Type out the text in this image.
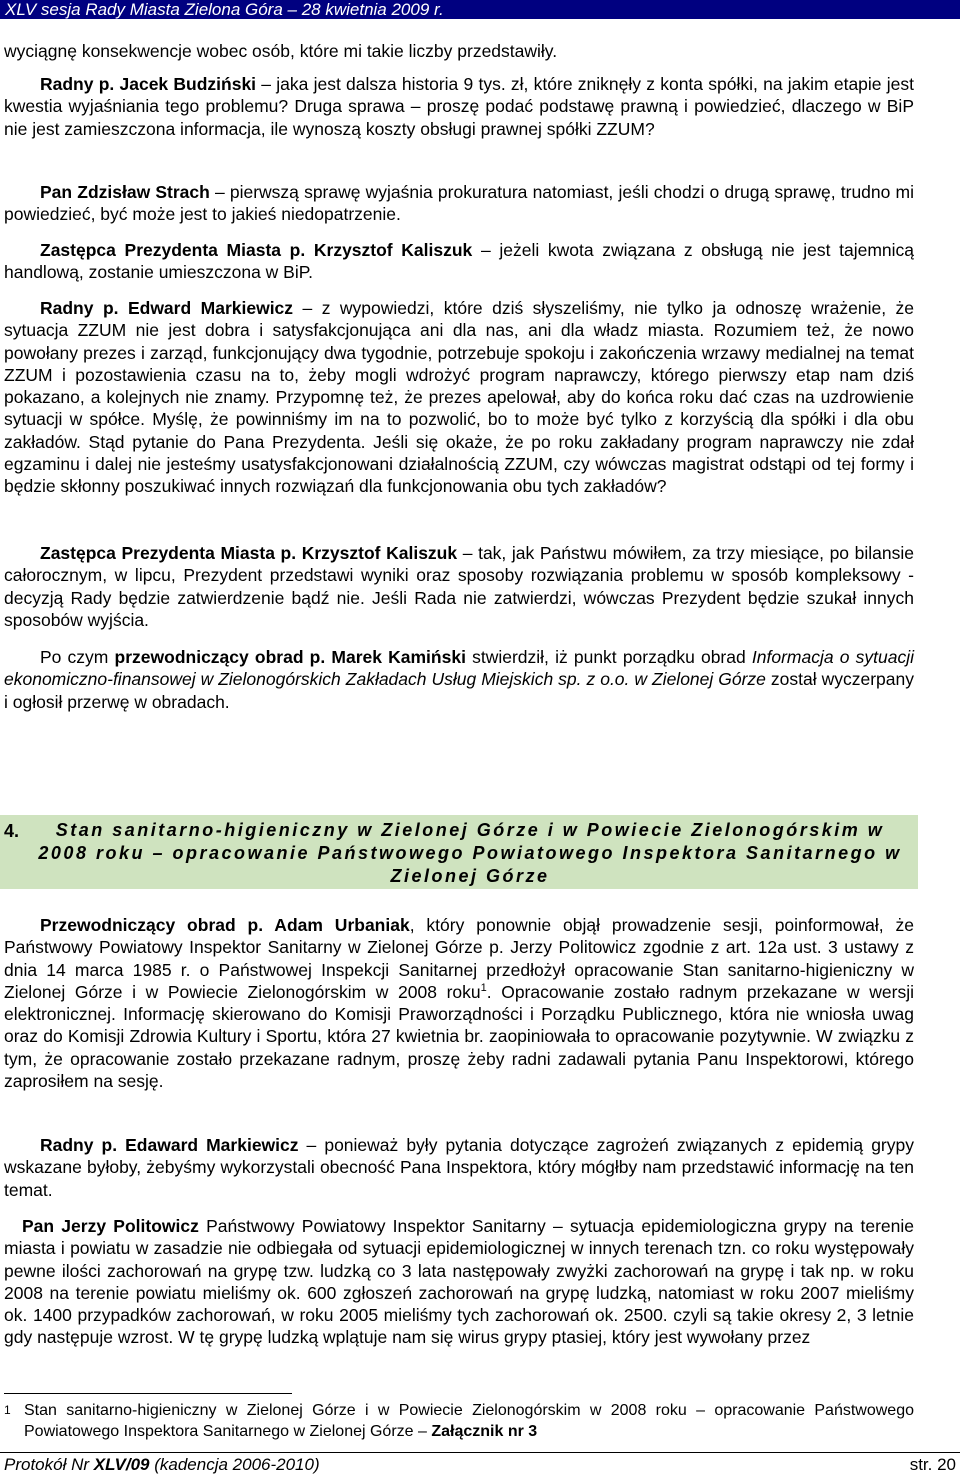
XLV sesja Rady Miasta Zielona Góra – 28 kwietnia 2009 r.

wyciągnę konsekwencje wobec osób, które mi takie liczby przedstawiły.

Radny p. Jacek Budziński – jaka jest dalsza historia 9 tys. zł, które zniknęły z konta spółki, na jakim etapie jest kwestia wyjaśniania tego problemu? Druga sprawa – proszę podać podstawę prawną i powiedzieć, dlaczego w BiP nie jest zamieszczona informacja, ile wynoszą koszty obsługi prawnej spółki ZZUM?

Pan Zdzisław Strach – pierwszą sprawę wyjaśnia prokuratura natomiast, jeśli chodzi o drugą sprawę, trudno mi powiedzieć, być może jest to jakieś niedopatrzenie.

Zastępca Prezydenta Miasta p. Krzysztof Kaliszuk – jeżeli kwota związana z obsługą nie jest tajemnicą handlową, zostanie umieszczona w BiP.

Radny p. Edward Markiewicz – z wypowiedzi, które dziś słyszeliśmy, nie tylko ja odnoszę wrażenie, że sytuacja ZZUM nie jest dobra i satysfakcjonująca ani dla nas, ani dla władz miasta. Rozumiem też, że nowo powołany prezes i zarząd, funkcjonujący dwa tygodnie, potrzebuje spokoju i zakończenia wrzawy medialnej na temat ZZUM i pozostawienia czasu na to, żeby mogli wdrożyć program naprawczy, którego pierwszy etap nam dziś pokazano, a kolejnych nie znamy. Przypomnę też, że prezes apelował, aby do końca roku dać czas na uzdrowienie sytuacji w spółce. Myślę, że powinniśmy im na to pozwolić, bo to może być tylko z korzyścią dla spółki i dla obu zakładów. Stąd pytanie do Pana Prezydenta. Jeśli się okaże, że po roku zakładany program naprawczy nie zdał egzaminu i dalej nie jesteśmy usatysfakcjonowani działalnością ZZUM, czy wówczas magistrat odstąpi od tej formy i będzie skłonny poszukiwać innych rozwiązań dla funkcjonowania obu tych zakładów?

Zastępca Prezydenta Miasta p. Krzysztof Kaliszuk – tak, jak Państwu mówiłem, za trzy miesiące, po bilansie całorocznym, w lipcu, Prezydent przedstawi wyniki oraz sposoby rozwiązania problemu w sposób kompleksowy - decyzją Rady będzie zatwierdzenie bądź nie. Jeśli Rada nie zatwierdzi, wówczas Prezydent będzie szukał innych sposobów wyjścia.

Po czym przewodniczący obrad p. Marek Kamiński stwierdził, iż punkt porządku obrad Informacja o sytuacji ekonomiczno-finansowej w Zielonogórskich Zakładach Usług Miejskich sp. z o.o. w Zielonej Górze został wyczerpany i ogłosił przerwę w obradach.

4.	Stan sanitarno-higieniczny w Zielonej Górze i w Powiecie Zielonogórskim w 2008 roku – opracowanie Państwowego Powiatowego Inspektora Sanitarnego w Zielonej Górze

Przewodniczący obrad p. Adam Urbaniak, który ponownie objął prowadzenie sesji, poinformował, że Państwowy Powiatowy Inspektor Sanitarny w Zielonej Górze p. Jerzy Politowicz zgodnie z art. 12a ust. 3 ustawy z dnia 14 marca 1985 r. o Państwowej Inspekcji Sanitarnej przedłożył opracowanie Stan sanitarno-higieniczny w Zielonej Górze i w Powiecie Zielonogórskim w 2008 roku$^1$. Opracowanie zostało radnym przekazane w wersji elektronicznej. Informację skierowano do Komisji Praworządności i Porządku Publicznego, która nie wniosła uwag oraz do Komisji Zdrowia Kultury i Sportu, która 27 kwietnia br. zaopiniowała to opracowanie pozytywnie. W związku z tym, że opracowanie zostało przekazane radnym, proszę żeby radni zadawali pytania Panu Inspektorowi, którego zaprosiłem na sesję.

Radny p. Edaward Markiewicz – ponieważ były pytania dotyczące zagrożeń związanych z epidemią grypy wskazane byłoby, żebyśmy wykorzystali obecność Pana Inspektora, który mógłby nam przedstawić informację na ten temat.

Pan Jerzy Politowicz Państwowy Powiatowy Inspektor Sanitarny – sytuacja epidemiologiczna grypy na terenie miasta i powiatu w zasadzie nie odbiegała od sytuacji epidemiologicznej w innych terenach tzn. co roku występowały pewne ilości zachorowań na grypę tzw. ludzką co 3 lata następowały zwyżki zachorowań na grypę i tak np. w roku 2008 na terenie powiatu mieliśmy ok. 600 zgłoszeń zachorowań na grypę ludzką, natomiast w roku 2007 mieliśmy ok. 1400 przypadków zachorowań, w roku 2005 mieliśmy tych zachorowań ok. 2500. czyli są takie okresy 2, 3 letnie gdy następuje wzrost. W tę grypę ludzką wplątuje nam się wirus grypy ptasiej, który jest wywołany przez

1 Stan sanitarno-higieniczny w Zielonej Górze i w Powiecie Zielonogórskim w 2008 roku – opracowanie Państwowego Powiatowego Inspektora Sanitarnego w Zielonej Górze – Załącznik nr 3

Protokół Nr XLV/09 (kadencja 2006-2010)	str. 20
